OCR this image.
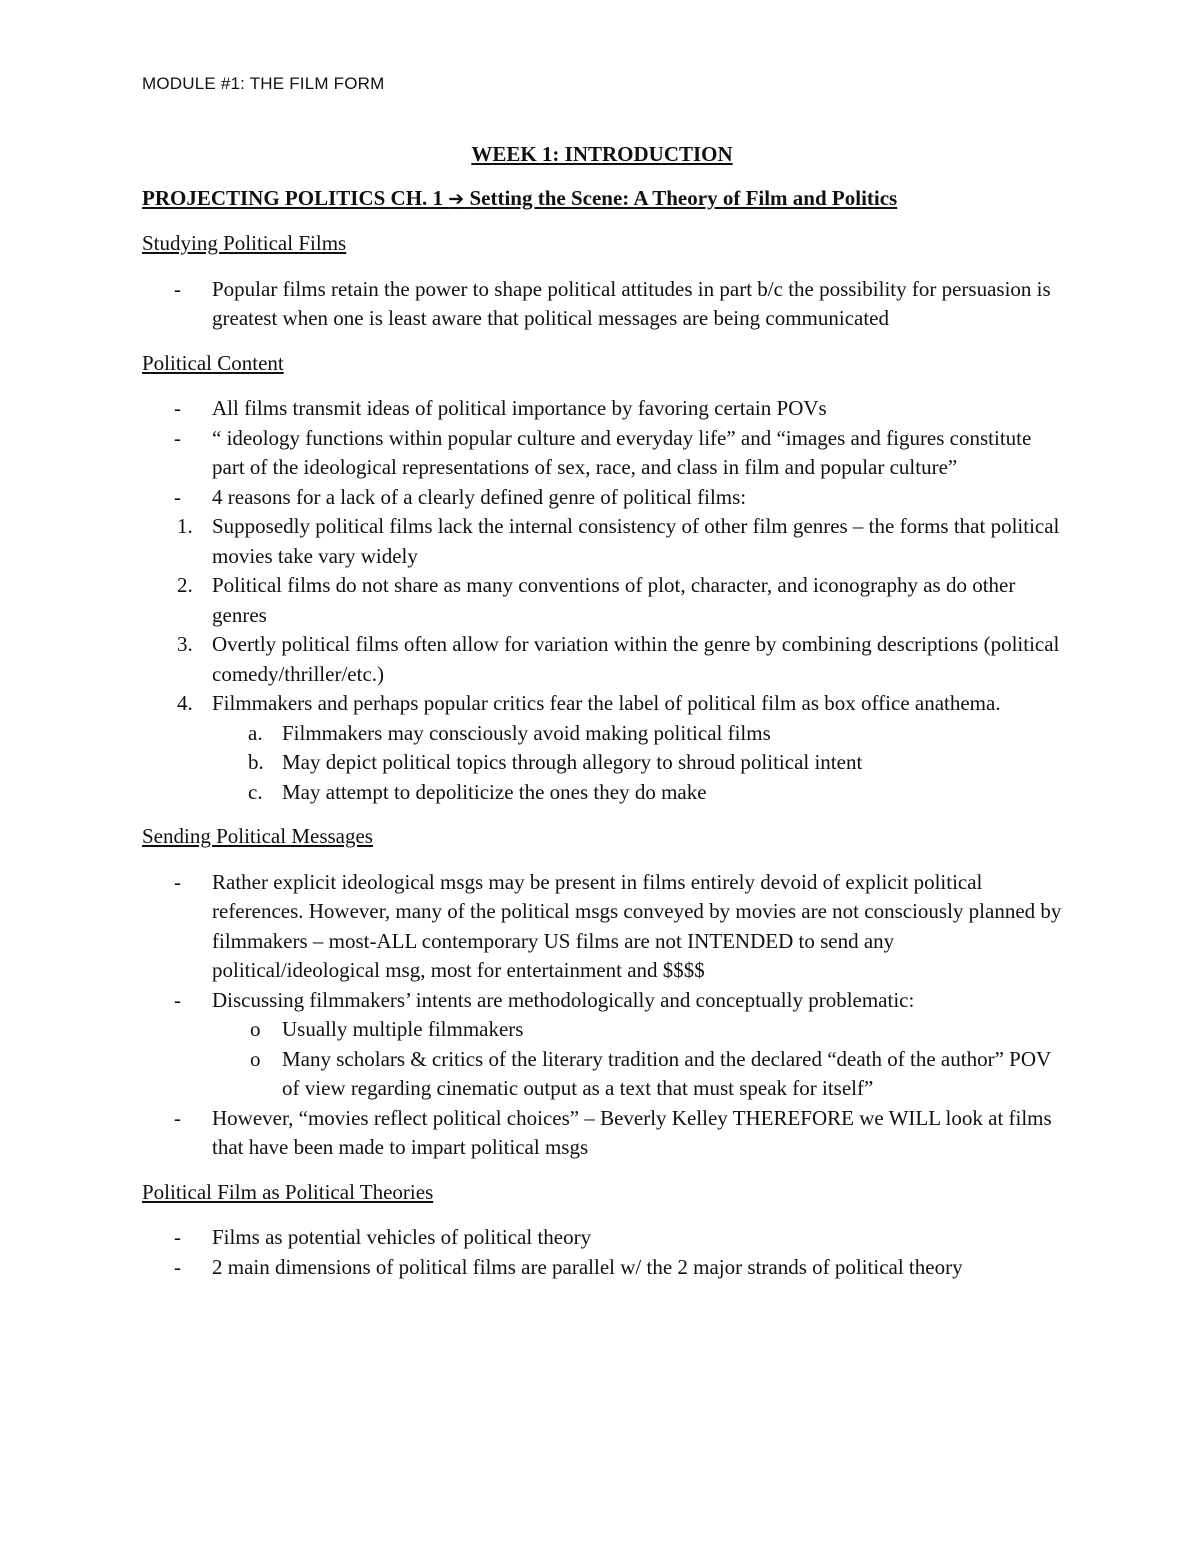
MODULE #1: THE FILM FORM
WEEK 1: INTRODUCTION
PROJECTING POLITICS CH. 1 ➔ Setting the Scene: A Theory of Film and Politics
Studying Political Films
- Popular films retain the power to shape political attitudes in part b/c the possibility for persuasion is greatest when one is least aware that political messages are being communicated
Political Content
- All films transmit ideas of political importance by favoring certain POVs
- “ ideology functions within popular culture and everyday life” and “images and figures constitute part of the ideological representations of sex, race, and class in film and popular culture”
- 4 reasons for a lack of a clearly defined genre of political films:
1. Supposedly political films lack the internal consistency of other film genres – the forms that political movies take vary widely
2. Political films do not share as many conventions of plot, character, and iconography as do other genres
3. Overtly political films often allow for variation within the genre by combining descriptions (political comedy/thriller/etc.)
4. Filmmakers and perhaps popular critics fear the label of political film as box office anathema.
a. Filmmakers may consciously avoid making political films
b. May depict political topics through allegory to shroud political intent
c. May attempt to depoliticize the ones they do make
Sending Political Messages
- Rather explicit ideological msgs may be present in films entirely devoid of explicit political references. However, many of the political msgs conveyed by movies are not consciously planned by filmmakers – most-ALL contemporary US films are not INTENDED to send any political/ideological msg, most for entertainment and $$$$
- Discussing filmmakers’ intents are methodologically and conceptually problematic:
o Usually multiple filmmakers
o Many scholars & critics of the literary tradition and the declared “death of the author” POV of view regarding cinematic output as a text that must speak for itself”
- However, “movies reflect political choices” – Beverly Kelley THEREFORE we WILL look at films that have been made to impart political msgs
Political Film as Political Theories
- Films as potential vehicles of political theory
- 2 main dimensions of political films are parallel w/ the 2 major strands of political theory
